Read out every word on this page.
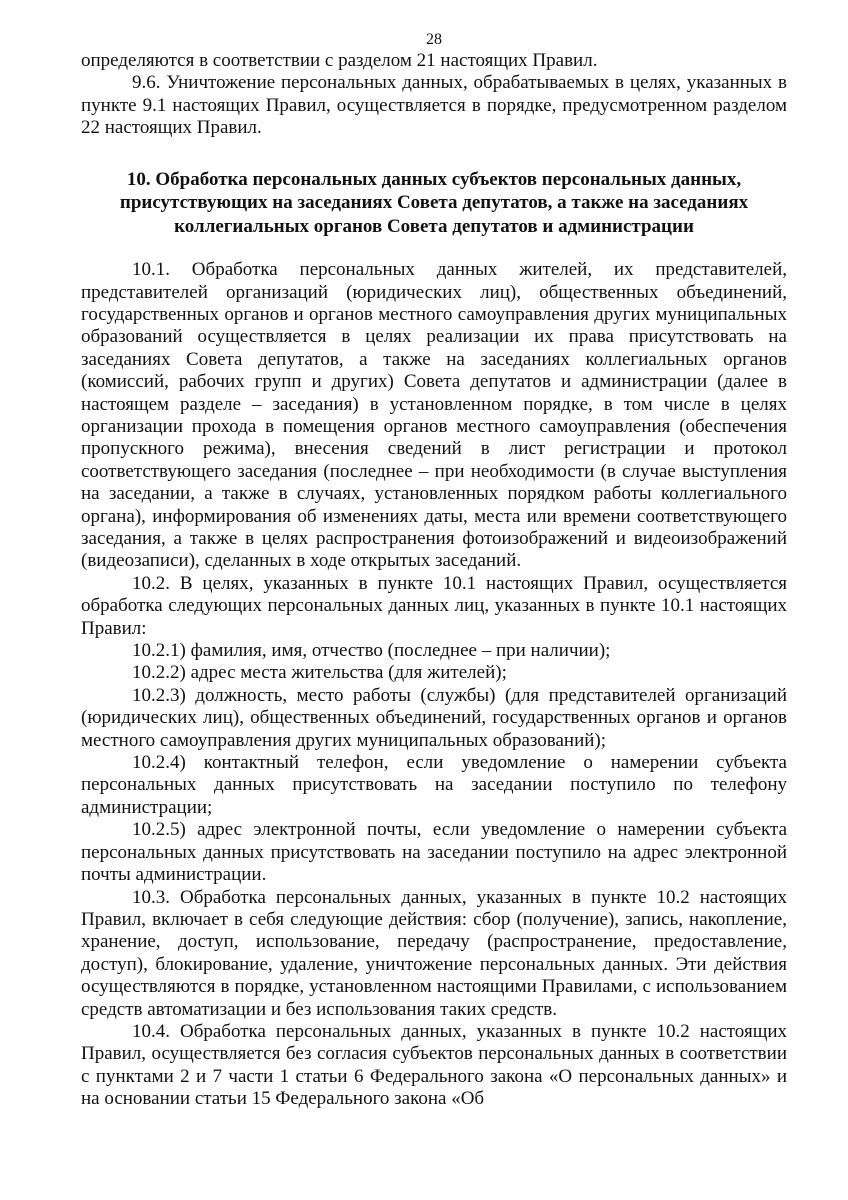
28

определяются в соответствии с разделом 21 настоящих Правил.

9.6. Уничтожение персональных данных, обрабатываемых в целях, указанных в пункте 9.1 настоящих Правил, осуществляется в порядке, предусмотренном разделом 22 настоящих Правил.

10. Обработка персональных данных субъектов персональных данных, присутствующих на заседаниях Совета депутатов, а также на заседаниях коллегиальных органов Совета депутатов и администрации

10.1. Обработка персональных данных жителей, их представителей, представителей организаций (юридических лиц), общественных объединений, государственных органов и органов местного самоуправления других муниципальных образований осуществляется в целях реализации их права присутствовать на заседаниях Совета депутатов, а также на заседаниях коллегиальных органов (комиссий, рабочих групп и других) Совета депутатов и администрации (далее в настоящем разделе – заседания) в установленном порядке, в том числе в целях организации прохода в помещения органов местного самоуправления (обеспечения пропускного режима), внесения сведений в лист регистрации и протокол соответствующего заседания (последнее – при необходимости (в случае выступления на заседании, а также в случаях, установленных порядком работы коллегиального органа), информирования об изменениях даты, места или времени соответствующего заседания, а также в целях распространения фотоизображений и видеоизображений (видеозаписи), сделанных в ходе открытых заседаний.

10.2. В целях, указанных в пункте 10.1 настоящих Правил, осуществляется обработка следующих персональных данных лиц, указанных в пункте 10.1 настоящих Правил:

10.2.1) фамилия, имя, отчество (последнее – при наличии);

10.2.2) адрес места жительства (для жителей);

10.2.3) должность, место работы (службы) (для представителей организаций (юридических лиц), общественных объединений, государственных органов и органов местного самоуправления других муниципальных образований);

10.2.4) контактный телефон, если уведомление о намерении субъекта персональных данных присутствовать на заседании поступило по телефону администрации;

10.2.5) адрес электронной почты, если уведомление о намерении субъекта персональных данных присутствовать на заседании поступило на адрес электронной почты администрации.

10.3. Обработка персональных данных, указанных в пункте 10.2 настоящих Правил, включает в себя следующие действия: сбор (получение), запись, накопление, хранение, доступ, использование, передачу (распространение, предоставление, доступ), блокирование, удаление, уничтожение персональных данных. Эти действия осуществляются в порядке, установленном настоящими Правилами, с использованием средств автоматизации и без использования таких средств.

10.4. Обработка персональных данных, указанных в пункте 10.2 настоящих Правил, осуществляется без согласия субъектов персональных данных в соответствии с пунктами 2 и 7 части 1 статьи 6 Федерального закона «О персональных данных» и на основании статьи 15 Федерального закона «Об
